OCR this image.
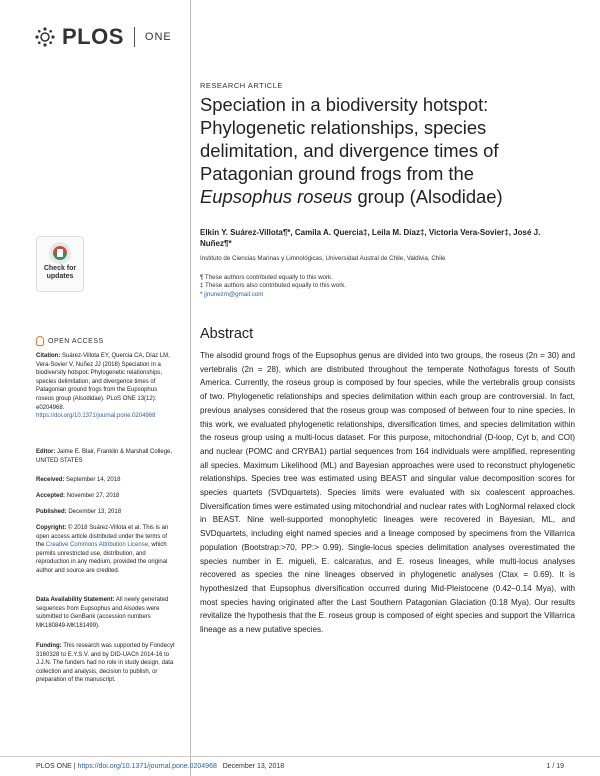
PLOS ONE
Check for updates
OPEN ACCESS
Citation: Suárez-Villota EY, Quercia CA, Díaz LM, Vera-Sovier V, Nuñez JJ (2018) Speciation in a biodiversity hotspot: Phylogenetic relationships, species delimitation, and divergence times of Patagonian ground frogs from the Eupsophus roseus group (Alsodidae). PLoS ONE 13(12): e0204968. https://doi.org/10.1371/journal.pone.0204968
Editor: Jaime E. Blair, Franklin & Marshall College, UNITED STATES
Received: September 14, 2018
Accepted: November 27, 2018
Published: December 13, 2018
Copyright: © 2018 Suárez-Villota et al. This is an open access article distributed under the terms of the Creative Commons Attribution License, which permits unrestricted use, distribution, and reproduction in any medium, provided the original author and source are credited.
Data Availability Statement: All newly generated sequences from Eupsophus and Alsodes were submitted to GenBank (accession numbers MK180849-MK181499).
Funding: This research was supported by Fondecyt 3160328 to E.Y.S.V. and by DID-UACh 2014-16 to J.J.N. The funders had no role in study design, data collection and analysis, decision to publish, or preparation of the manuscript.
RESEARCH ARTICLE
Speciation in a biodiversity hotspot: Phylogenetic relationships, species delimitation, and divergence times of Patagonian ground frogs from the Eupsophus roseus group (Alsodidae)
Elkin Y. Suárez-Villota¶*, Camila A. Quercia‡, Leila M. Díaz‡, Victoria Vera-Sovier‡, José J. Nuñez¶*
Instituto de Ciencias Marinas y Limnológicas, Universidad Austral de Chile, Valdivia, Chile
¶ These authors contributed equally to this work.
‡ These authors also contributed equally to this work.
* jjnunezm@gmail.com
Abstract
The alsodid ground frogs of the Eupsophus genus are divided into two groups, the roseus (2n = 30) and vertebralis (2n = 28), which are distributed throughout the temperate Nothofagus forests of South America. Currently, the roseus group is composed by four species, while the vertebralis group consists of two. Phylogenetic relationships and species delimitation within each group are controversial. In fact, previous analyses considered that the roseus group was composed of between four to nine species. In this work, we evaluated phylogenetic relationships, diversification times, and species delimitation within the roseus group using a multi-locus dataset. For this purpose, mitochondrial (D-loop, Cyt b, and COI) and nuclear (POMC and CRYBA1) partial sequences from 164 individuals were amplified, representing all species. Maximum Likelihood (ML) and Bayesian approaches were used to reconstruct phylogenetic relationships. Species tree was estimated using BEAST and singular value decomposition scores for species quartets (SVDquartets). Species limits were evaluated with six coalescent approaches. Diversification times were estimated using mitochondrial and nuclear rates with LogNormal relaxed clock in BEAST. Nine well-supported monophyletic lineages were recovered in Bayesian, ML, and SVDquartets, including eight named species and a lineage composed by specimens from the Villarrica population (Bootstrap:>70, PP:> 0.99). Single-locus species delimitation analyses overestimated the species number in E. migueli, E. calcaratus, and E. roseus lineages, while multi-locus analyses recovered as species the nine lineages observed in phylogenetic analyses (Ctax = 0.69). It is hypothesized that Eupsophus diversification occurred during Mid-Pleistocene (0.42–0.14 Mya), with most species having originated after the Last Southern Patagonian Glaciation (0.18 Mya). Our results revitalize the hypothesis that the E. roseus group is composed of eight species and support the Villarrica lineage as a new putative species.
PLOS ONE | https://doi.org/10.1371/journal.pone.0204968 December 13, 2018	1 / 19
